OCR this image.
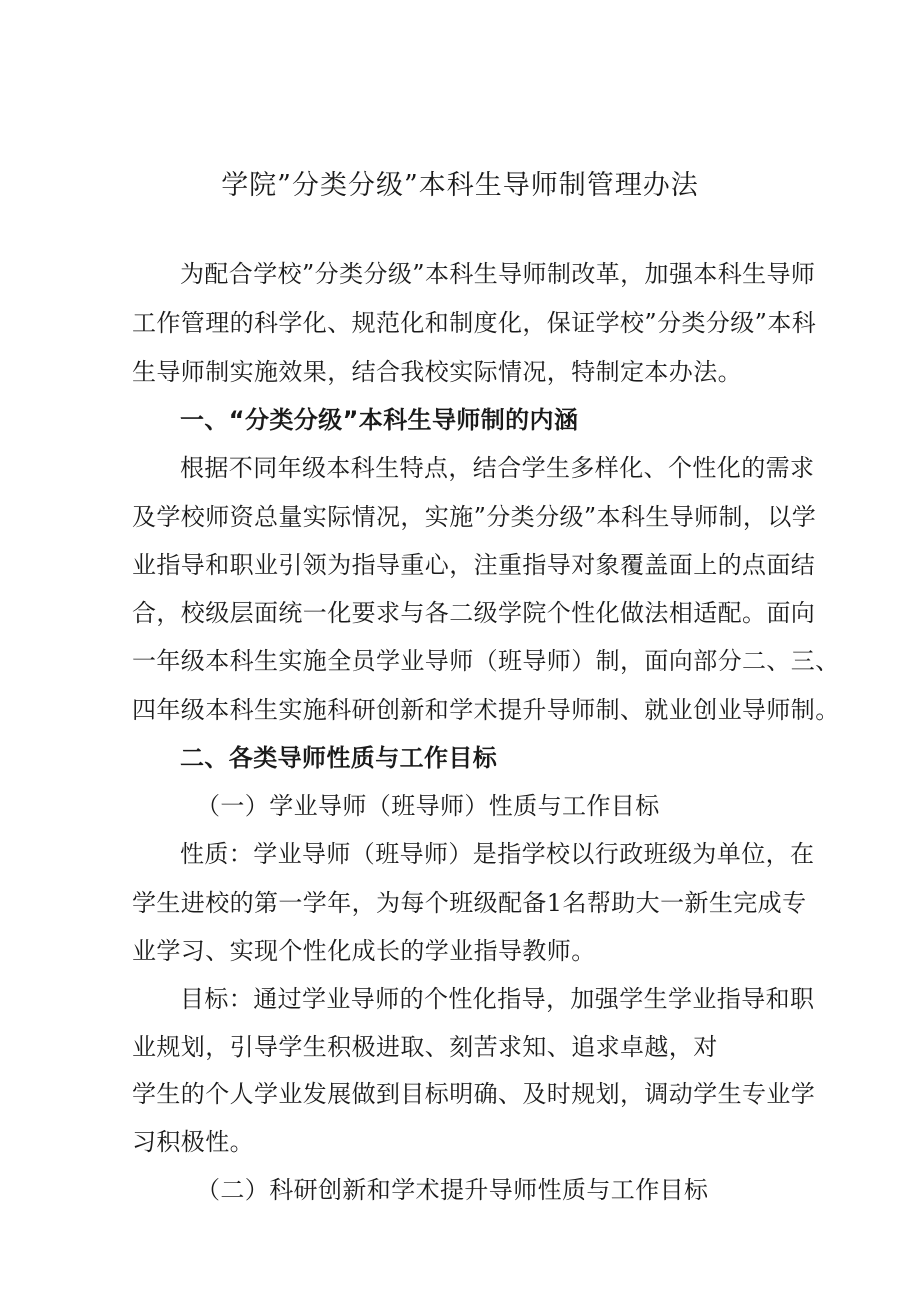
学院”分类分级”本科生导师制管理办法
为配合学校”分类分级”本科生导师制改革，加强本科生导师
工作管理的科学化、规范化和制度化，保证学校”分类分级”本科
生导师制实施效果，结合我校实际情况，特制定本办法。
一、“分类分级”本科生导师制的内涵
根据不同年级本科生特点，结合学生多样化、个性化的需求
及学校师资总量实际情况，实施”分类分级”本科生导师制，以学
业指导和职业引领为指导重心，注重指导对象覆盖面上的点面结
合，校级层面统一化要求与各二级学院个性化做法相适配。面向
一年级本科生实施全员学业导师（班导师）制，面向部分二、三、
四年级本科生实施科研创新和学术提升导师制、就业创业导师制。
二、各类导师性质与工作目标
（一）学业导师（班导师）性质与工作目标
性质：学业导师（班导师）是指学校以行政班级为单位，在
学生进校的第一学年，为每个班级配备1名帮助大一新生完成专
业学习、实现个性化成长的学业指导教师。
目标：通过学业导师的个性化指导，加强学生学业指导和职
业规划，引导学生积极进取、刻苦求知、追求卓越，对
学生的个人学业发展做到目标明确、及时规划，调动学生专业学
习积极性。
（二）科研创新和学术提升导师性质与工作目标
